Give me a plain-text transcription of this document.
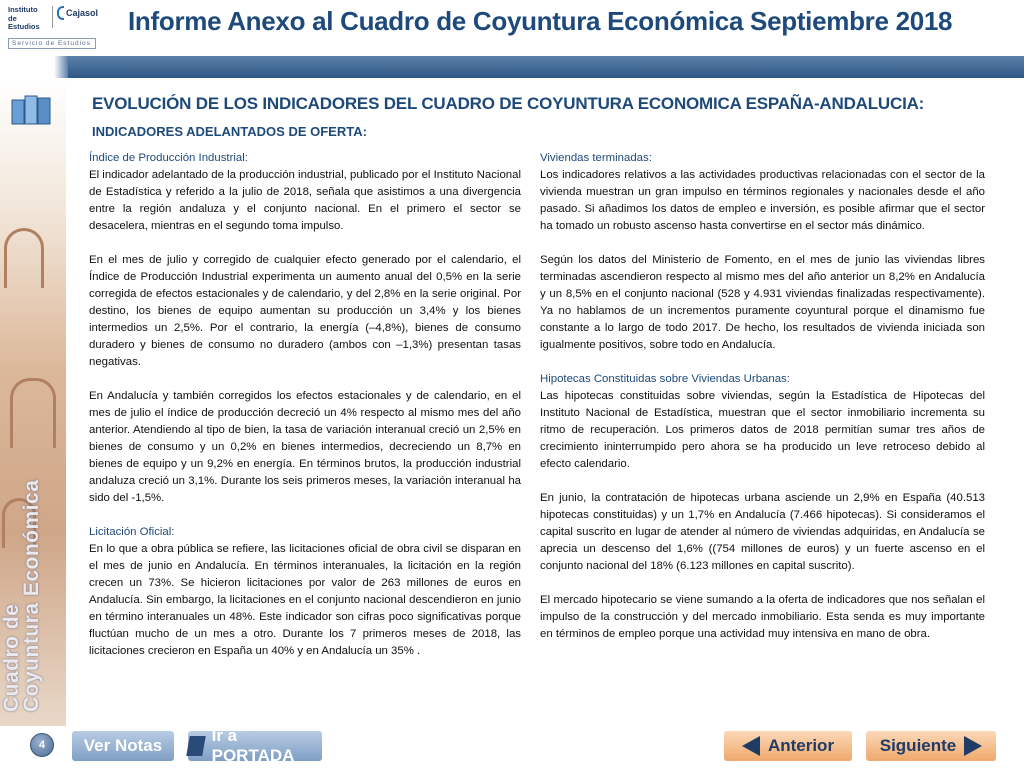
Instituto
de Estudios
Cajasol
Servicio de Estudios
Informe Anexo al Cuadro de Coyuntura Económica Septiembre 2018
Cuadro de
Coyuntura Económica
EVOLUCIÓN DE LOS INDICADORES DEL CUADRO DE COYUNTURA ECONOMICA ESPAÑA-ANDALUCIA:
INDICADORES ADELANTADOS DE OFERTA:
Índice de Producción Industrial:
El indicador adelantado de la producción industrial, publicado por el Instituto Nacional de Estadística y referido a la julio de 2018, señala que asistimos a una divergencia entre la región andaluza y el conjunto nacional. En el primero el sector se desacelera, mientras en el segundo toma impulso.
En el mes de julio y corregido de cualquier efecto generado por el calendario, el Índice de Producción Industrial experimenta un aumento anual del 0,5% en la serie corregida de efectos estacionales y de calendario, y del 2,8% en la serie original. Por destino, los bienes de equipo aumentan su producción un 3,4% y los bienes intermedios un 2,5%. Por el contrario, la energía (–4,8%), bienes de consumo duradero y bienes de consumo no duradero (ambos con –1,3%) presentan tasas negativas.
En Andalucía y también corregidos los efectos estacionales y de calendario, en el mes de julio el índice de producción decreció un 4% respecto al mismo mes del año anterior. Atendiendo al tipo de bien, la tasa de variación interanual creció un 2,5% en bienes de consumo y un 0,2% en bienes intermedios, decreciendo un 8,7% en bienes de equipo y un 9,2% en energía. En términos brutos, la producción industrial andaluza creció un 3,1%. Durante los seis primeros meses, la variación interanual ha sido del -1,5%.
Licitación Oficial:
En lo que a obra pública se refiere, las licitaciones oficial de obra civil se disparan en el mes de junio en Andalucía. En términos interanuales, la licitación en la región crecen un 73%. Se hicieron licitaciones por valor de 263 millones de euros en Andalucía. Sin embargo, la licitaciones en el conjunto nacional descendieron en junio en término interanuales un 48%. Este indicador son cifras poco significativas porque fluctúan mucho de un mes a otro. Durante los 7 primeros meses de 2018, las licitaciones crecieron en España un 40% y en Andalucía un 35% .
Viviendas terminadas:
Los indicadores relativos a las actividades productivas relacionadas con el sector de la vivienda muestran un gran impulso en términos regionales y nacionales desde el año pasado. Si añadimos los datos de empleo e inversión, es posible afirmar que el sector ha tomado un robusto ascenso hasta convertirse en el sector más dinámico.
Según los datos del Ministerio de Fomento, en el mes de junio las viviendas libres terminadas ascendieron respecto al mismo mes del año anterior un 8,2% en Andalucía y un 8,5% en el conjunto nacional (528 y 4.931 viviendas finalizadas respectivamente). Ya no hablamos de un incrementos puramente coyuntural porque el dinamismo fue constante a lo largo de todo 2017. De hecho, los resultados de vivienda iniciada son igualmente positivos, sobre todo en Andalucía.
Hipotecas Constituidas sobre Viviendas Urbanas:
Las hipotecas constituidas sobre viviendas, según la Estadística de Hipotecas del Instituto Nacional de Estadística, muestran que el sector inmobiliario incrementa su ritmo de recuperación. Los primeros datos de 2018 permitían sumar tres años de crecimiento ininterrumpido pero ahora se ha producido un leve retroceso debido al efecto calendario.
En junio, la contratación de hipotecas urbana asciende un 2,9% en España (40.513 hipotecas constituidas) y un 1,7% en Andalucía (7.466 hipotecas). Si consideramos el capital suscrito en lugar de atender al número de viviendas adquiridas, en Andalucía se aprecia un descenso del 1,6% ((754 millones de euros) y un fuerte ascenso en el conjunto nacional del 18% (6.123 millones en capital suscrito).
El mercado hipotecario se viene sumando a la oferta de indicadores que nos señalan el impulso de la construcción y del mercado inmobiliario. Esta senda es muy importante en términos de empleo porque una actividad muy intensiva en mano de obra.
4	Ver Notas
Ir a PORTADA
Anterior	Siguiente
